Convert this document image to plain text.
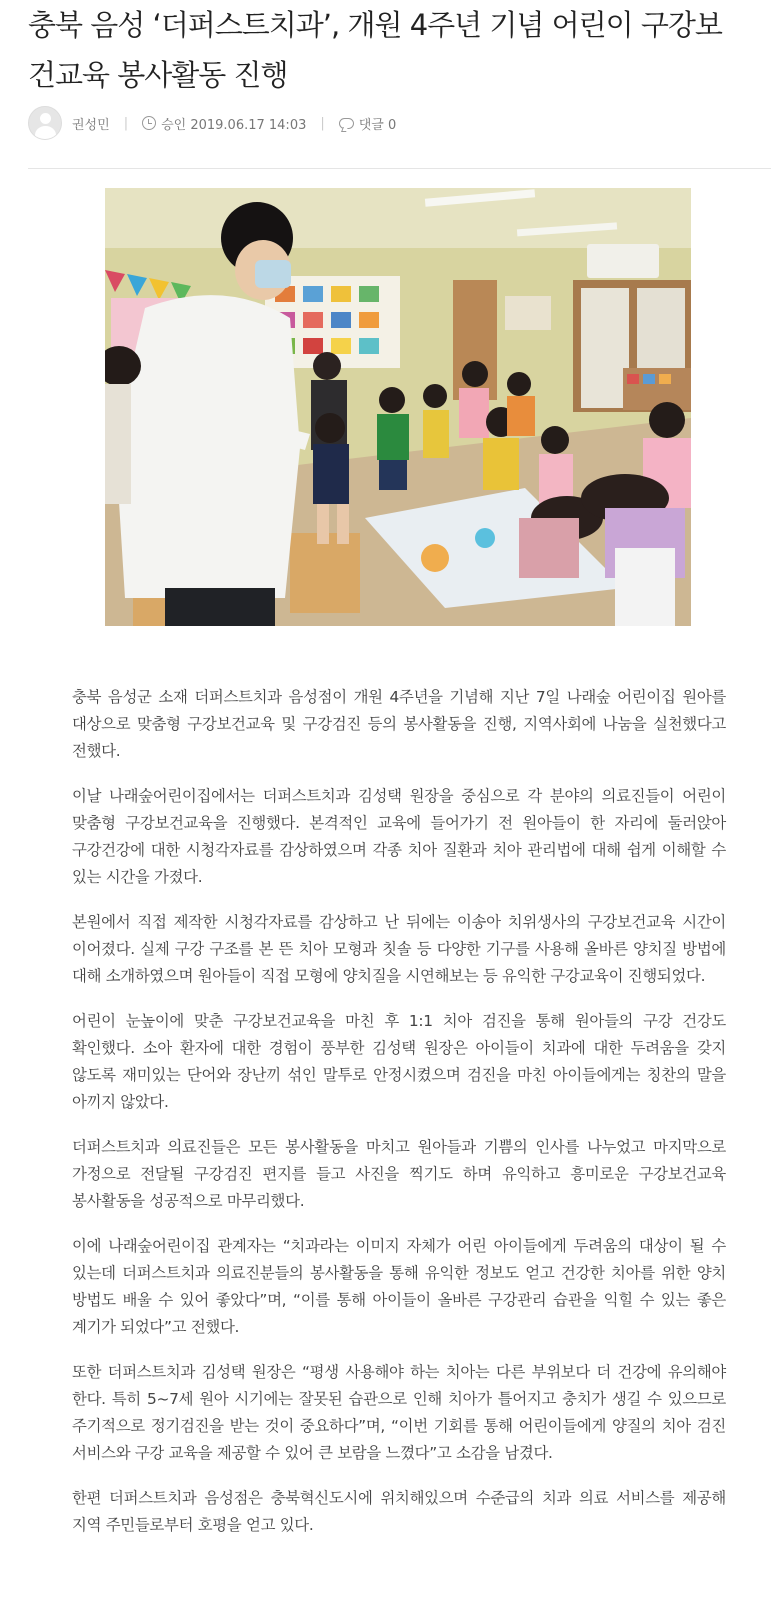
충북 음성 ‘더퍼스트치과’, 개원 4주년 기념 어린이 구강보건교육 봉사활동 진행
권성민 |	승인 2019.06.17 14:03 |	댓글 0

충북 음성군 소재 더퍼스트치과 음성점이 개원 4주년을 기념해 지난 7일 나래숲 어린이집 원아를 대상으로 맞춤형 구강보건교육 및 구강검진 등의 봉사활동을 진행, 지역사회에 나눔을 실천했다고 전했다.

이날 나래숲어린이집에서는 더퍼스트치과 김성택 원장을 중심으로 각 분야의 의료진들이 어린이 맞춤형 구강보건교육을 진행했다. 본격적인 교육에 들어가기 전 원아들이 한 자리에 둘러앉아 구강건강에 대한 시청각자료를 감상하였으며 각종 치아 질환과 치아 관리법에 대해 쉽게 이해할 수 있는 시간을 가졌다.

본원에서 직접 제작한 시청각자료를 감상하고 난 뒤에는 이송아 치위생사의 구강보건교육 시간이 이어졌다. 실제 구강 구조를 본 뜬 치아 모형과 칫솔 등 다양한 기구를 사용해 올바른 양치질 방법에 대해 소개하였으며 원아들이 직접 모형에 양치질을 시연해보는 등 유익한 구강교육이 진행되었다.

어린이 눈높이에 맞춘 구강보건교육을 마친 후 1:1 치아 검진을 통해 원아들의 구강 건강도 확인했다. 소아 환자에 대한 경험이 풍부한 김성택 원장은 아이들이 치과에 대한 두려움을 갖지 않도록 재미있는 단어와 장난끼 섞인 말투로 안정시켰으며 검진을 마친 아이들에게는 칭찬의 말을 아끼지 않았다.

더퍼스트치과 의료진들은 모든 봉사활동을 마치고 원아들과 기쁨의 인사를 나누었고 마지막으로 가정으로 전달될 구강검진 편지를 들고 사진을 찍기도 하며 유익하고 흥미로운 구강보건교육 봉사활동을 성공적으로 마무리했다.

이에 나래숲어린이집 관계자는 “치과라는 이미지 자체가 어린 아이들에게 두려움의 대상이 될 수 있는데 더퍼스트치과 의료진분들의 봉사활동을 통해 유익한 정보도 얻고 건강한 치아를 위한 양치 방법도 배울 수 있어 좋았다”며, “이를 통해 아이들이 올바른 구강관리 습관을 익힐 수 있는 좋은 계기가 되었다”고 전했다.

또한 더퍼스트치과 김성택 원장은 “평생 사용해야 하는 치아는 다른 부위보다 더 건강에 유의해야 한다. 특히 5~7세 원아 시기에는 잘못된 습관으로 인해 치아가 틀어지고 충치가 생길 수 있으므로 주기적으로 정기검진을 받는 것이 중요하다”며, “이번 기회를 통해 어린이들에게 양질의 치아 검진 서비스와 구강 교육을 제공할 수 있어 큰 보람을 느꼈다”고 소감을 남겼다.

한편 더퍼스트치과 음성점은 충북혁신도시에 위치해있으며 수준급의 치과 의료 서비스를 제공해 지역 주민들로부터 호평을 얻고 있다.
